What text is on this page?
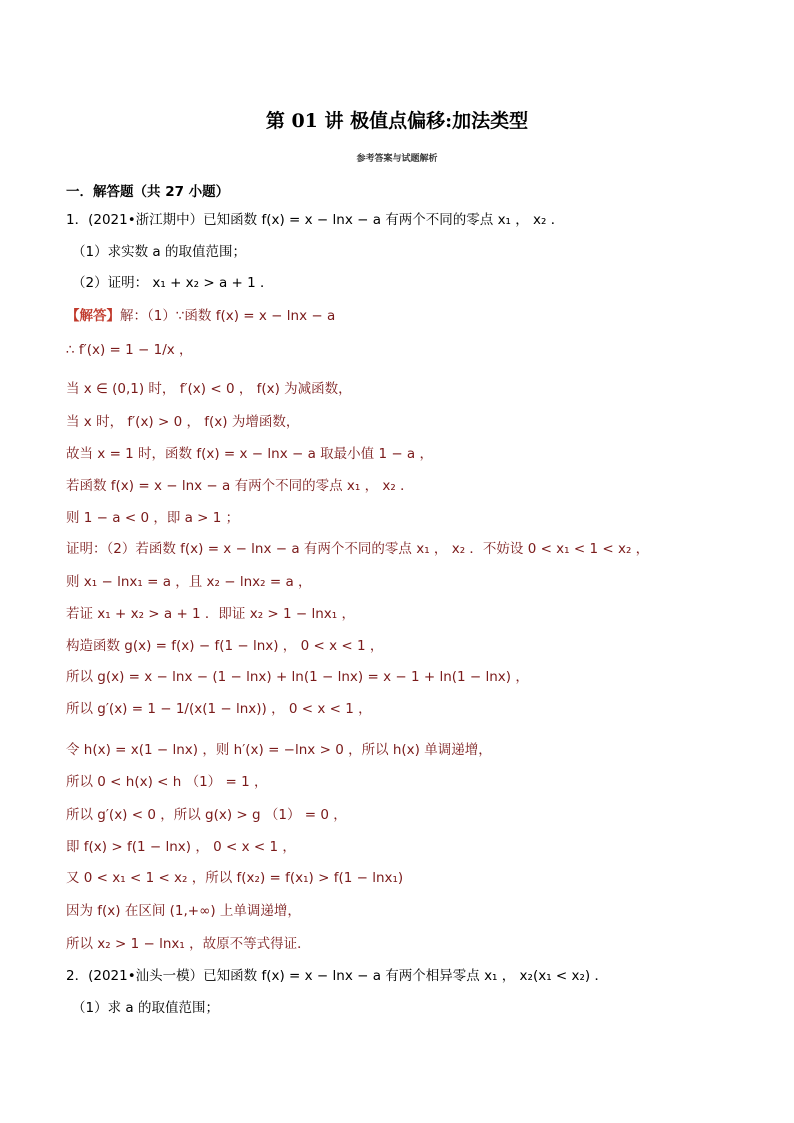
第 01 讲 极值点偏移:加法类型
参考答案与试题解析
一．解答题（共 27 小题）
1．(2021•浙江期中）已知函数 f(x) = x − lnx − a 有两个不同的零点 x₁ ， x₂ ．
（1）求实数 a 的取值范围；
（2）证明： x₁ + x₂ > a + 1 ．
【解答】解：（1）∵函数 f(x) = x − lnx − a
∴ f′(x) = 1 − 1/x ，
当 x ∈ (0,1) 时， f′(x) < 0 ， f(x) 为减函数，
当 x 时， f′(x) > 0 ， f(x) 为增函数，
故当 x = 1 时，函数 f(x) = x − lnx − a 取最小值 1 − a ，
若函数 f(x) = x − lnx − a 有两个不同的零点 x₁ ， x₂ ．
则 1 − a < 0 ，即 a > 1 ；
证明：（2）若函数 f(x) = x − lnx − a 有两个不同的零点 x₁ ， x₂ ．不妨设 0 < x₁ < 1 < x₂ ，
则 x₁ − lnx₁ = a ，且 x₂ − lnx₂ = a ，
若证 x₁ + x₂ > a + 1 ．即证 x₂ > 1 − lnx₁ ，
构造函数 g(x) = f(x) − f(1 − lnx) ， 0 < x < 1 ，
所以 g(x) = x − lnx − (1 − lnx) + ln(1 − lnx) = x − 1 + ln(1 − lnx) ，
所以 g′(x) = 1 − 1/(x(1 − lnx)) ， 0 < x < 1 ，
令 h(x) = x(1 − lnx) ，则 h′(x) = −lnx > 0 ，所以 h(x) 单调递增，
所以 0 < h(x) < h （1） = 1 ，
所以 g′(x) < 0 ，所以 g(x) > g （1） = 0 ，
即 f(x) > f(1 − lnx) ， 0 < x < 1 ，
又 0 < x₁ < 1 < x₂ ，所以 f(x₂) = f(x₁) > f(1 − lnx₁)
因为 f(x) 在区间 (1,+∞) 上单调递增，
所以 x₂ > 1 − lnx₁ ，故原不等式得证．
2．(2021•汕头一模）已知函数 f(x) = x − lnx − a 有两个相异零点 x₁ ， x₂(x₁ < x₂) ．
（1）求 a 的取值范围；
